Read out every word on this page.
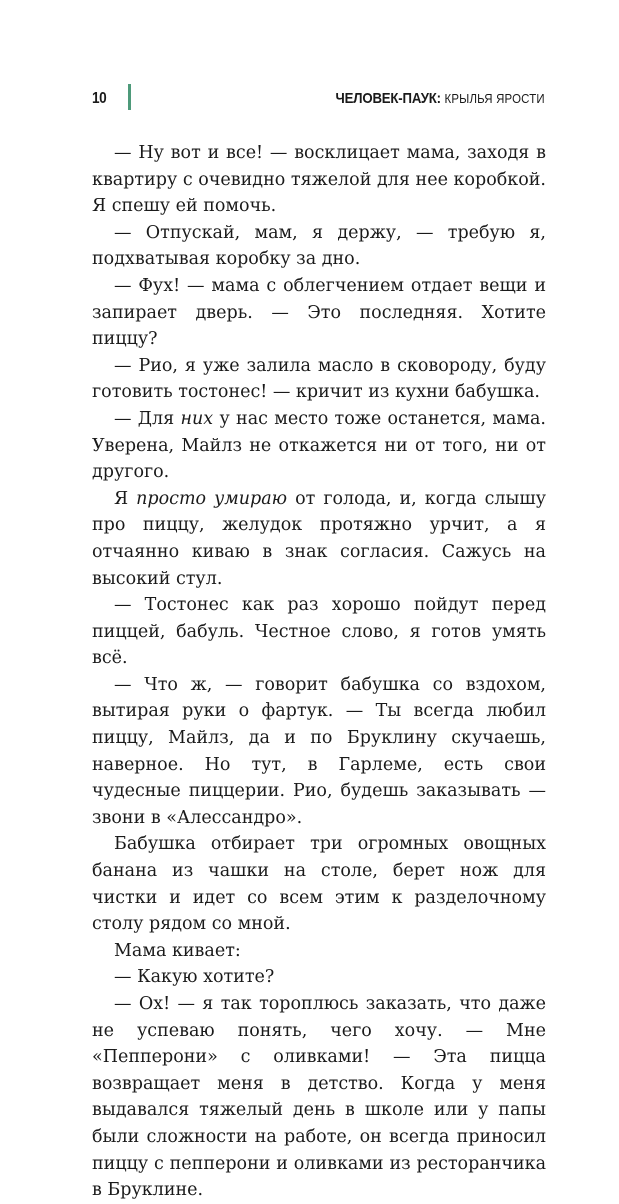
10	ЧЕЛОВЕК-ПАУК: КРЫЛЬЯ ЯРОСТИ

— Ну вот и все! — восклицает мама, заходя в квартиру с очевидно тяжелой для нее коробкой. Я спешу ей помочь.

— Отпускай, мам, я держу, — требую я, подхватывая коробку за дно.

— Фух! — мама с облегчением отдает вещи и запирает дверь. — Это последняя. Хотите пиццу?

— Рио, я уже залила масло в сковороду, буду готовить тостонес! — кричит из кухни бабушка.

— Для них у нас место тоже останется, мама. Уверена, Майлз не откажется ни от того, ни от другого.

Я просто умираю от голода, и, когда слышу про пиццу, желудок протяжно урчит, а я отчаянно киваю в знак согласия. Сажусь на высокий стул.

— Тостонес как раз хорошо пойдут перед пиццей, бабуль. Честное слово, я готов умять всё.

— Что ж, — говорит бабушка со вздохом, вытирая руки о фартук. — Ты всегда любил пиццу, Майлз, да и по Бруклину скучаешь, наверное. Но тут, в Гарлеме, есть свои чудесные пиццерии. Рио, будешь заказывать — звони в «Алессандро».

Бабушка отбирает три огромных овощных банана из чашки на столе, берет нож для чистки и идет со всем этим к разделочному столу рядом со мной.

Мама кивает:

— Какую хотите?

— Ох! — я так тороплюсь заказать, что даже не успеваю понять, чего хочу. — Мне «Пепперони» с оливками! — Эта пицца возвращает меня в детство. Когда у меня выдавался тяжелый день в школе или у папы были сложности на работе, он всегда приносил пиццу с пепперони и оливками из ресторанчика в Бруклине.
